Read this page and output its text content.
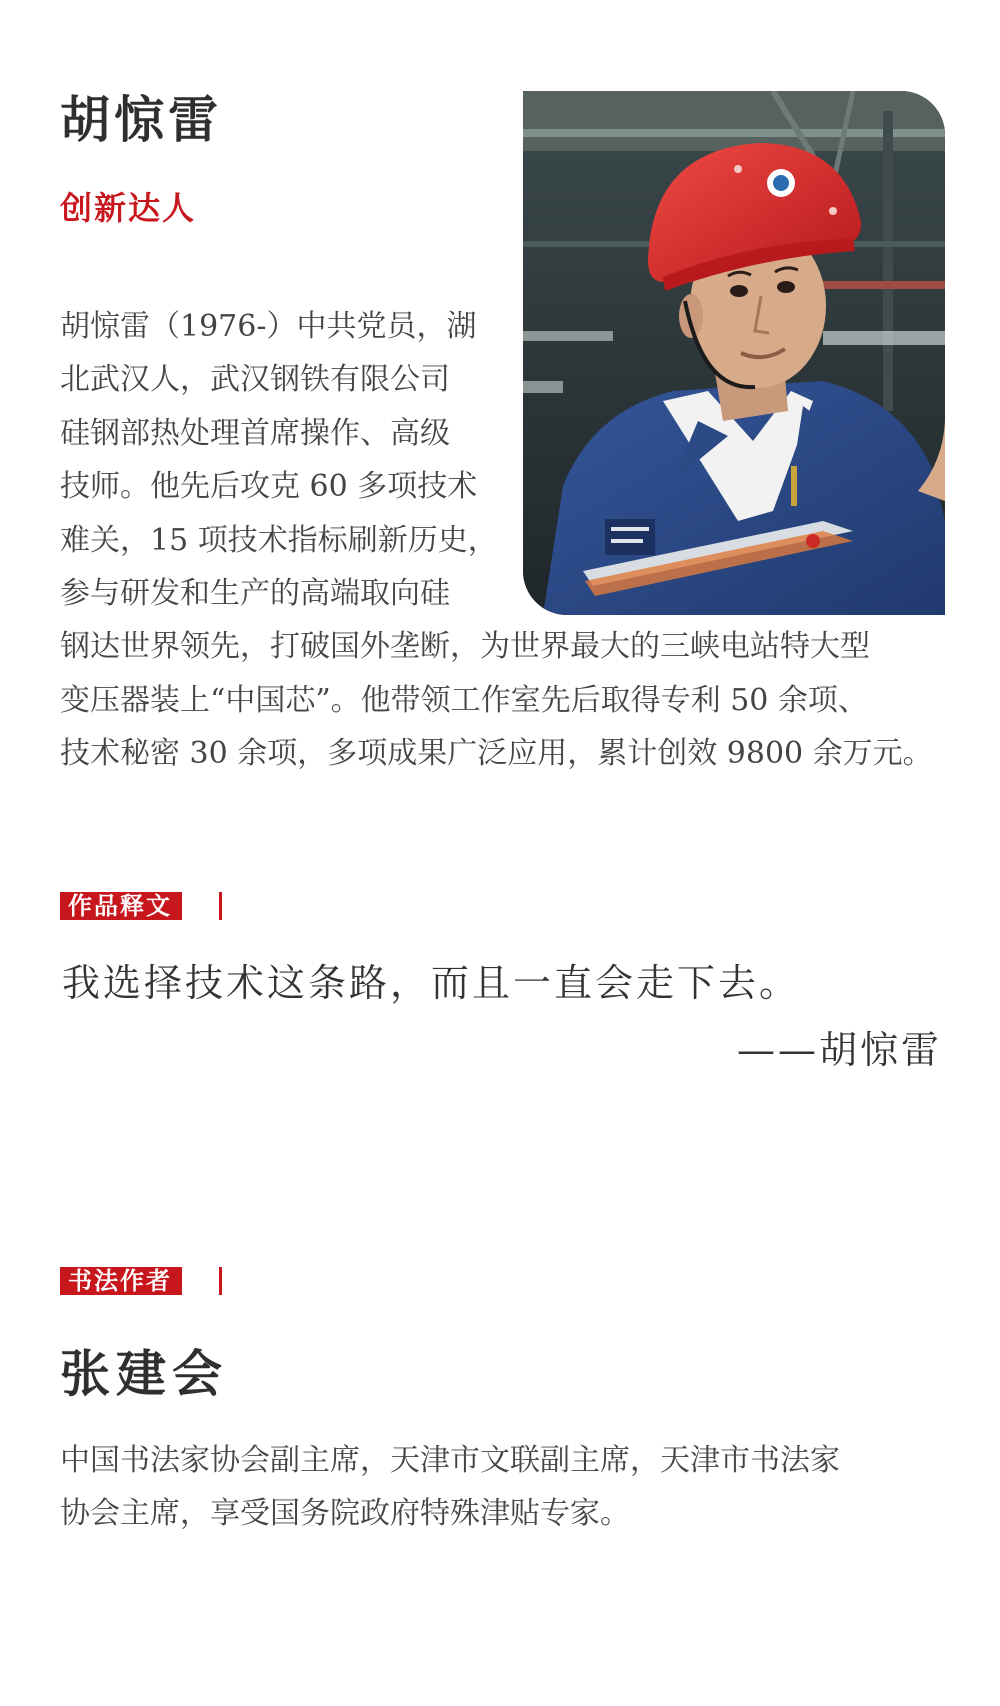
胡惊雷
创新达人
胡惊雷（1976-）中共党员，湖
北武汉人，武汉钢铁有限公司
硅钢部热处理首席操作、高级
技师。他先后攻克 60 多项技术
难关，15 项技术指标刷新历史，
参与研发和生产的高端取向硅
钢达世界领先，打破国外垄断，为世界最大的三峡电站特大型
变压器装上“中国芯”。他带领工作室先后取得专利 50 余项、
技术秘密 30 余项，多项成果广泛应用，累计创效 9800 余万元。
作品释文
我选择技术这条路，而且一直会走下去。
——胡惊雷
书法作者
张建会
中国书法家协会副主席，天津市文联副主席，天津市书法家
协会主席，享受国务院政府特殊津贴专家。
